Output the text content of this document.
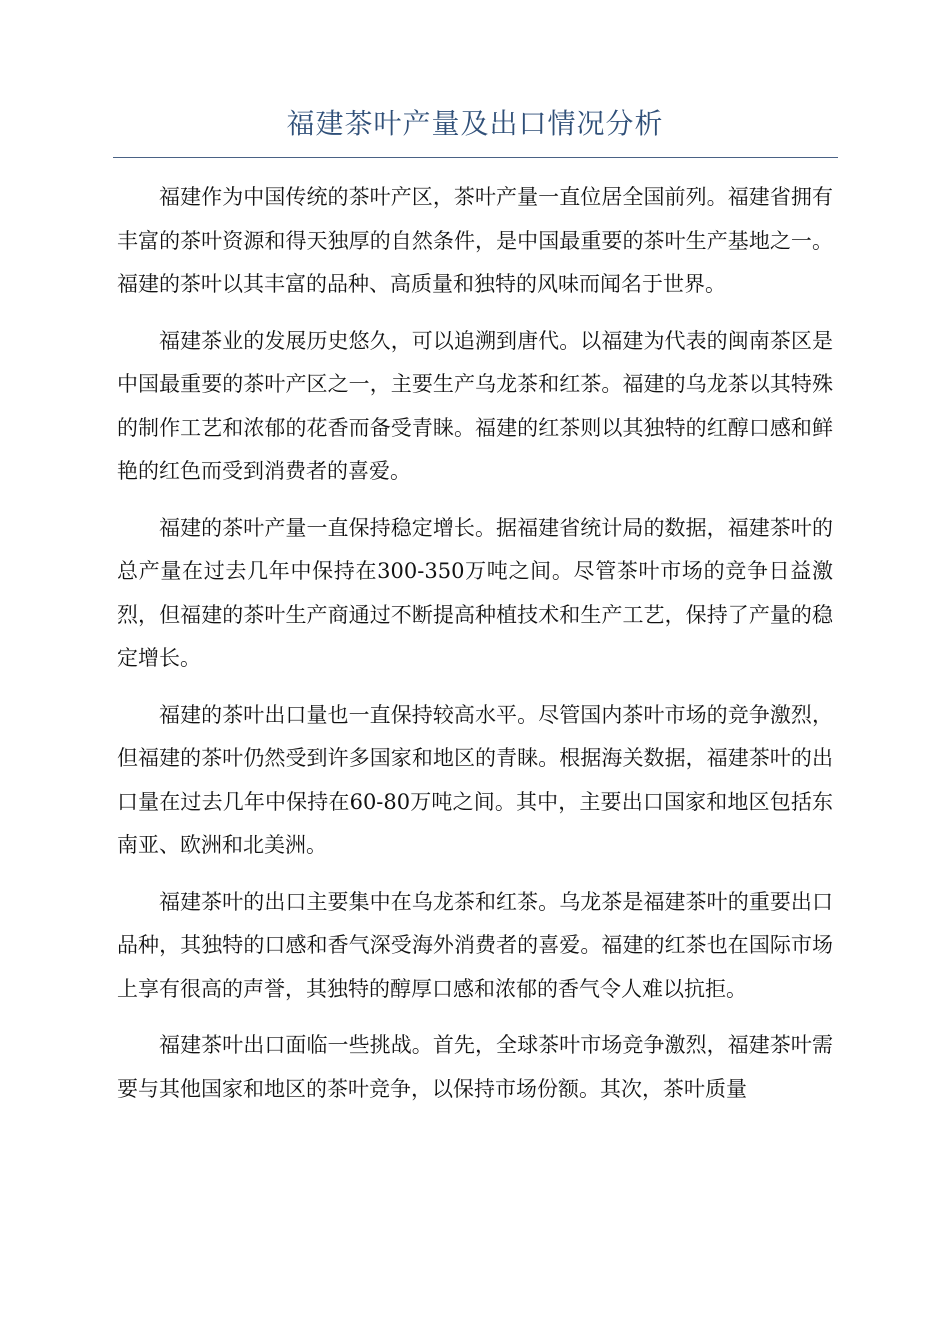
福建茶叶产量及出口情况分析

福建作为中国传统的茶叶产区，茶叶产量一直位居全国前列。福建省拥有丰富的茶叶资源和得天独厚的自然条件，是中国最重要的茶叶生产基地之一。福建的茶叶以其丰富的品种、高质量和独特的风味而闻名于世界。

福建茶业的发展历史悠久，可以追溯到唐代。以福建为代表的闽南茶区是中国最重要的茶叶产区之一，主要生产乌龙茶和红茶。福建的乌龙茶以其特殊的制作工艺和浓郁的花香而备受青睐。福建的红茶则以其独特的红醇口感和鲜艳的红色而受到消费者的喜爱。

福建的茶叶产量一直保持稳定增长。据福建省统计局的数据，福建茶叶的总产量在过去几年中保持在300-350万吨之间。尽管茶叶市场的竞争日益激烈，但福建的茶叶生产商通过不断提高种植技术和生产工艺，保持了产量的稳定增长。

福建的茶叶出口量也一直保持较高水平。尽管国内茶叶市场的竞争激烈，但福建的茶叶仍然受到许多国家和地区的青睐。根据海关数据，福建茶叶的出口量在过去几年中保持在60-80万吨之间。其中，主要出口国家和地区包括东南亚、欧洲和北美洲。

福建茶叶的出口主要集中在乌龙茶和红茶。乌龙茶是福建茶叶的重要出口品种，其独特的口感和香气深受海外消费者的喜爱。福建的红茶也在国际市场上享有很高的声誉，其独特的醇厚口感和浓郁的香气令人难以抗拒。

福建茶叶出口面临一些挑战。首先，全球茶叶市场竞争激烈，福建茶叶需要与其他国家和地区的茶叶竞争，以保持市场份额。其次，茶叶质量
